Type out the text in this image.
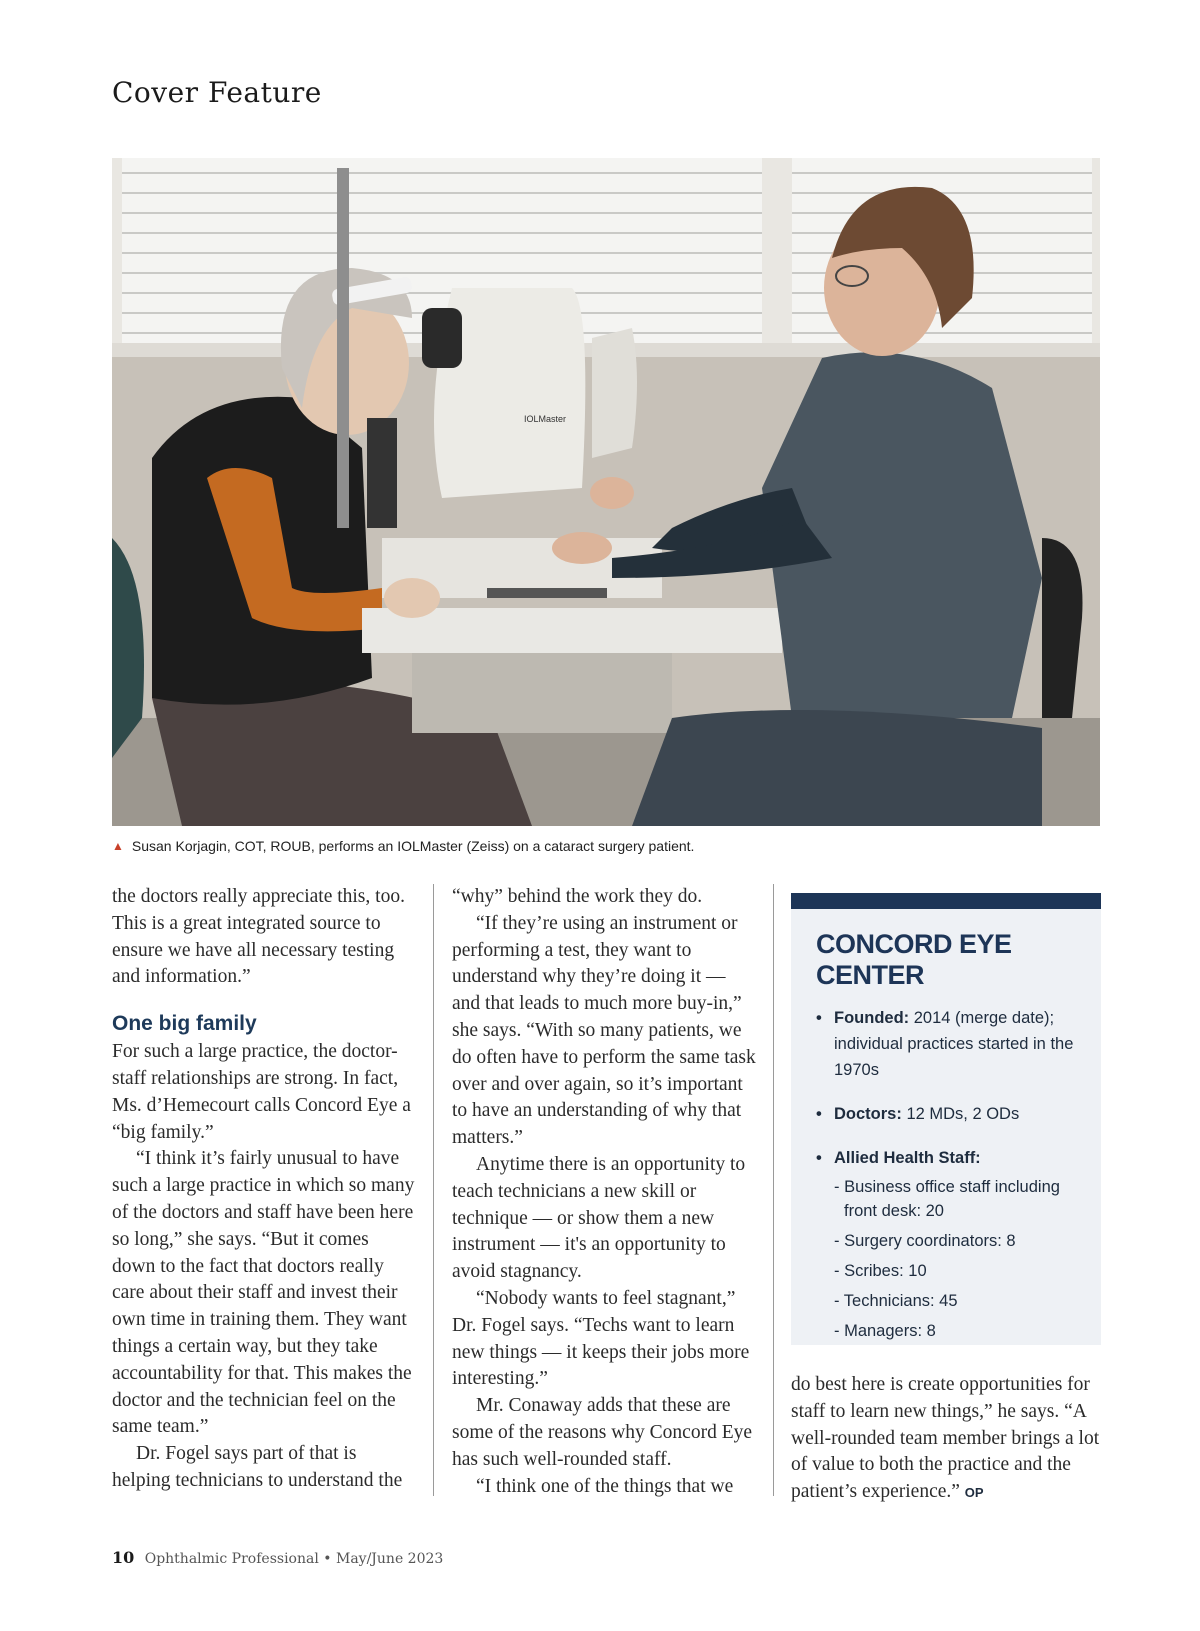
Cover Feature
IOLMaster
▲ Susan Korjagin, COT, ROUB, performs an IOLMaster (Zeiss) on a cataract surgery patient.

the doctors really appreciate this, too. This is a great integrated source to ensure we have all necessary testing and information.”

One big family

For such a large practice, the doctor-staff relationships are strong. In fact, Ms. d’Hemecourt calls Concord Eye a “big family.”

“I think it’s fairly unusual to have such a large practice in which so many of the doctors and staff have been here so long,” she says. “But it comes down to the fact that doctors really care about their staff and invest their own time in training them. They want things a certain way, but they take accountability for that. This makes the doctor and the technician feel on the same team.”

Dr. Fogel says part of that is helping technicians to understand the

“why” behind the work they do.

“If they’re using an instrument or performing a test, they want to understand why they’re doing it — and that leads to much more buy-in,” she says. “With so many patients, we do often have to perform the same task over and over again, so it’s important to have an understanding of why that matters.”

Anytime there is an opportunity to teach technicians a new skill or technique — or show them a new instrument — it's an opportunity to avoid stagnancy.

“Nobody wants to feel stagnant,” Dr. Fogel says. “Techs want to learn new things — it keeps their jobs more interesting.”

Mr. Conaway adds that these are some of the reasons why Concord Eye has such well-rounded staff.

“I think one of the things that we

CONCORD EYE CENTER
• Founded: 2014 (merge date); individual practices started in the 1970s
• Doctors: 12 MDs, 2 ODs
• Allied Health Staff:
- Business office staff including front desk: 20
- Surgery coordinators: 8
- Scribes: 10
- Technicians: 45
- Managers: 8

do best here is create opportunities for staff to learn new things,” he says. “A well-rounded team member brings a lot of value to both the practice and the patient’s experience.” OP

10 Ophthalmic Professional • May/June 2023
